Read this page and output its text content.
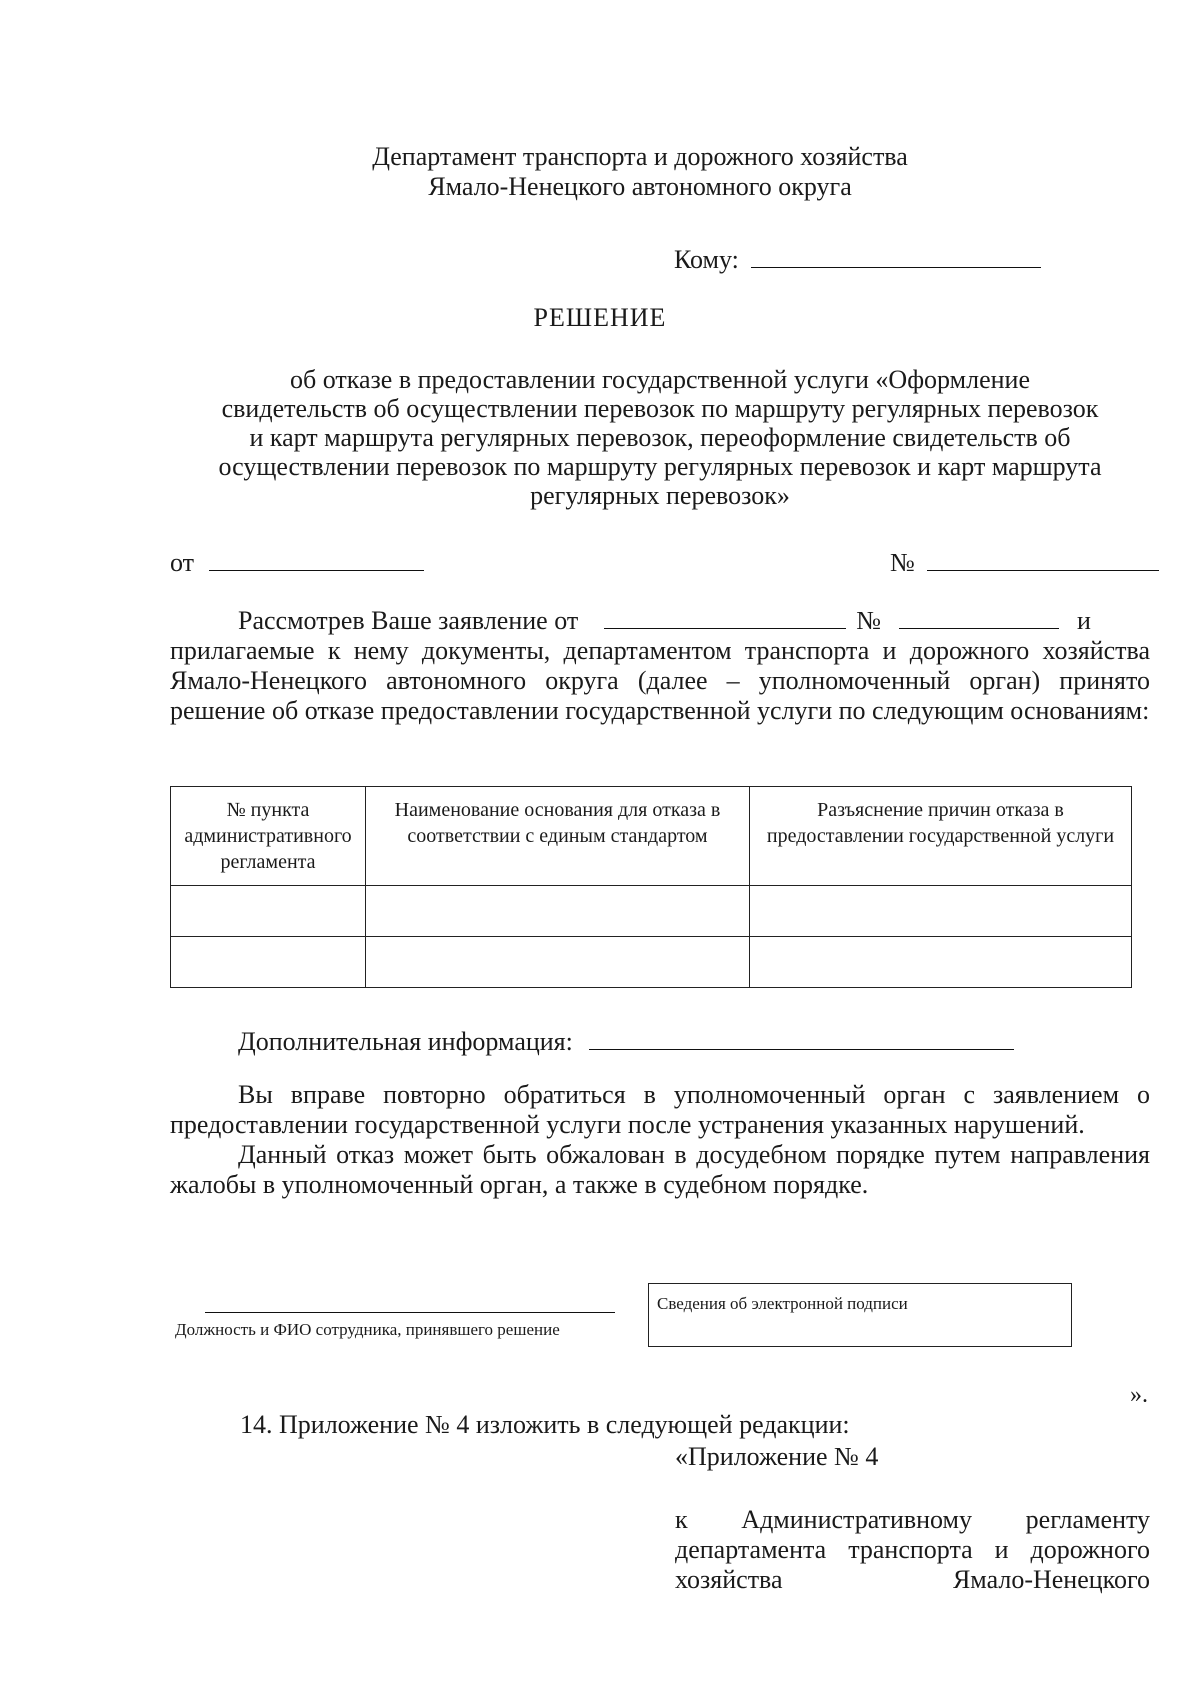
Департамент транспорта и дорожного хозяйства
Ямало-Ненецкого автономного округа
Кому:
РЕШЕНИЕ
об отказе в предоставлении государственной услуги «Оформление
свидетельств об осуществлении перевозок по маршруту регулярных перевозок
и карт маршрута регулярных перевозок, переоформление свидетельств об
осуществлении перевозок по маршруту регулярных перевозок и карт маршрута
регулярных перевозок»
от	№
Рассмотрев Ваше заявление от	№	и
прилагаемые к нему документы, департаментом транспорта и дорожного хозяйства Ямало-Ненецкого автономного округа (далее – уполномоченный орган) принято решение об отказе предоставлении государственной услуги по следующим основаниям:
№ пункта административного регламента	Наименование основания для отказа в соответствии с единым стандартом	Разъяснение причин отказа в предоставлении государственной услуги

Дополнительная информация:
Вы вправе повторно обратиться в уполномоченный орган с заявлением о предоставлении государственной услуги после устранения указанных нарушений.
Данный отказ может быть обжалован в досудебном порядке путем направления жалобы в уполномоченный орган, а также в судебном порядке.
Должность и ФИО сотрудника, принявшего решение
Сведения об электронной подписи
».
14. Приложение № 4 изложить в следующей редакции:
«Приложение № 4
к Административному регламенту
департамента транспорта и дорожного
хозяйства Ямало-Ненецкого
